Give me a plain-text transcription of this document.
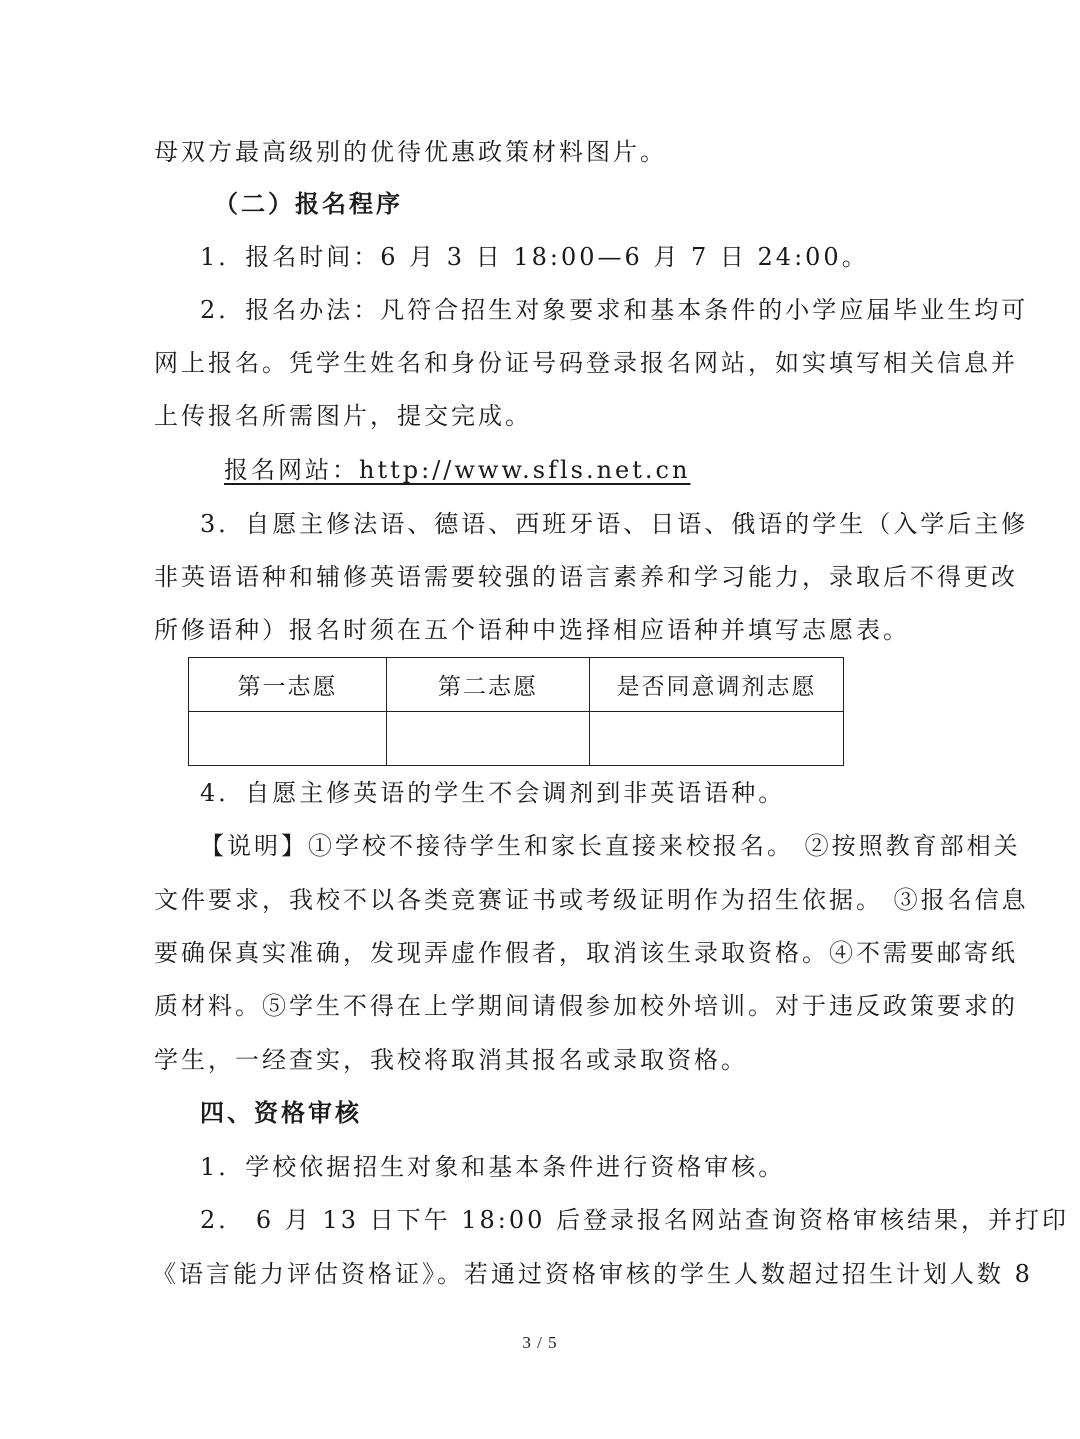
母双方最高级别的优待优惠政策材料图片。
（二）报名程序
1．报名时间：6 月 3 日 18:00—6 月 7 日 24:00。
2．报名办法：凡符合招生对象要求和基本条件的小学应届毕业生均可
网上报名。凭学生姓名和身份证号码登录报名网站，如实填写相关信息并
上传报名所需图片，提交完成。
报名网站：http://www.sfls.net.cn
3．自愿主修法语、德语、西班牙语、日语、俄语的学生（入学后主修
非英语语种和辅修英语需要较强的语言素养和学习能力，录取后不得更改
所修语种）报名时须在五个语种中选择相应语种并填写志愿表。
第一志愿	第二志愿	是否同意调剂志愿

4．自愿主修英语的学生不会调剂到非英语语种。
【说明】①学校不接待学生和家长直接来校报名。 ②按照教育部相关
文件要求，我校不以各类竞赛证书或考级证明作为招生依据。 ③报名信息
要确保真实准确，发现弄虚作假者，取消该生录取资格。④不需要邮寄纸
质材料。⑤学生不得在上学期间请假参加校外培训。对于违反政策要求的
学生，一经查实，我校将取消其报名或录取资格。
四、资格审核
1．学校依据招生对象和基本条件进行资格审核。
2． 6 月 13 日下午 18:00 后登录报名网站查询资格审核结果，并打印
《语言能力评估资格证》。若通过资格审核的学生人数超过招生计划人数 8
3 / 5
